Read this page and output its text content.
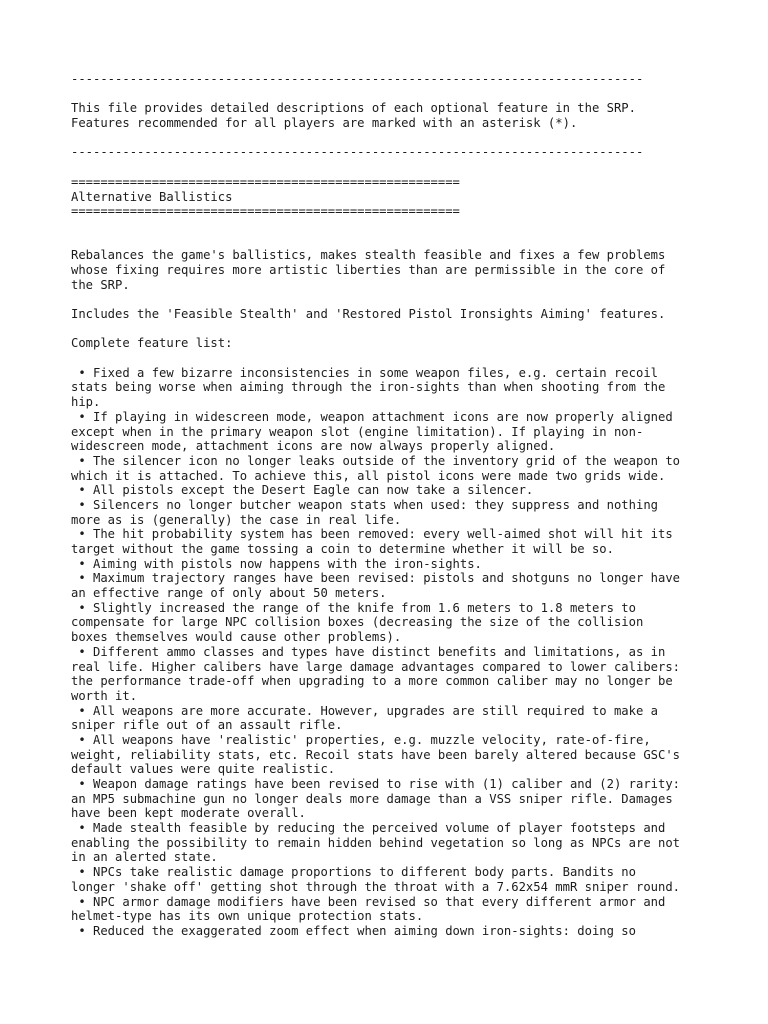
------------------------------------------------------------------------------
This file provides detailed descriptions of each optional feature in the SRP.
Features recommended for all players are marked with an asterisk (*).
------------------------------------------------------------------------------
=====================================================
Alternative Ballistics
=====================================================
Rebalances the game's ballistics, makes stealth feasible and fixes a few problems
whose fixing requires more artistic liberties than are permissible in the core of
the SRP.
Includes the 'Feasible Stealth' and 'Restored Pistol Ironsights Aiming' features.
Complete feature list:
• Fixed a few bizarre inconsistencies in some weapon files, e.g. certain recoil
stats being worse when aiming through the iron-sights than when shooting from the
hip.
• If playing in widescreen mode, weapon attachment icons are now properly aligned
except when in the primary weapon slot (engine limitation). If playing in non-
widescreen mode, attachment icons are now always properly aligned.
• The silencer icon no longer leaks outside of the inventory grid of the weapon to
which it is attached. To achieve this, all pistol icons were made two grids wide.
• All pistols except the Desert Eagle can now take a silencer.
• Silencers no longer butcher weapon stats when used: they suppress and nothing
more as is (generally) the case in real life.
• The hit probability system has been removed: every well-aimed shot will hit its
target without the game tossing a coin to determine whether it will be so.
• Aiming with pistols now happens with the iron-sights.
• Maximum trajectory ranges have been revised: pistols and shotguns no longer have
an effective range of only about 50 meters.
• Slightly increased the range of the knife from 1.6 meters to 1.8 meters to
compensate for large NPC collision boxes (decreasing the size of the collision
boxes themselves would cause other problems).
• Different ammo classes and types have distinct benefits and limitations, as in
real life. Higher calibers have large damage advantages compared to lower calibers:
the performance trade-off when upgrading to a more common caliber may no longer be
worth it.
• All weapons are more accurate. However, upgrades are still required to make a
sniper rifle out of an assault rifle.
• All weapons have 'realistic' properties, e.g. muzzle velocity, rate-of-fire,
weight, reliability stats, etc. Recoil stats have been barely altered because GSC's
default values were quite realistic.
• Weapon damage ratings have been revised to rise with (1) caliber and (2) rarity:
an MP5 submachine gun no longer deals more damage than a VSS sniper rifle. Damages
have been kept moderate overall.
• Made stealth feasible by reducing the perceived volume of player footsteps and
enabling the possibility to remain hidden behind vegetation so long as NPCs are not
in an alerted state.
• NPCs take realistic damage proportions to different body parts. Bandits no
longer 'shake off' getting shot through the throat with a 7.62x54 mmR sniper round.
• NPC armor damage modifiers have been revised so that every different armor and
helmet-type has its own unique protection stats.
• Reduced the exaggerated zoom effect when aiming down iron-sights: doing so
